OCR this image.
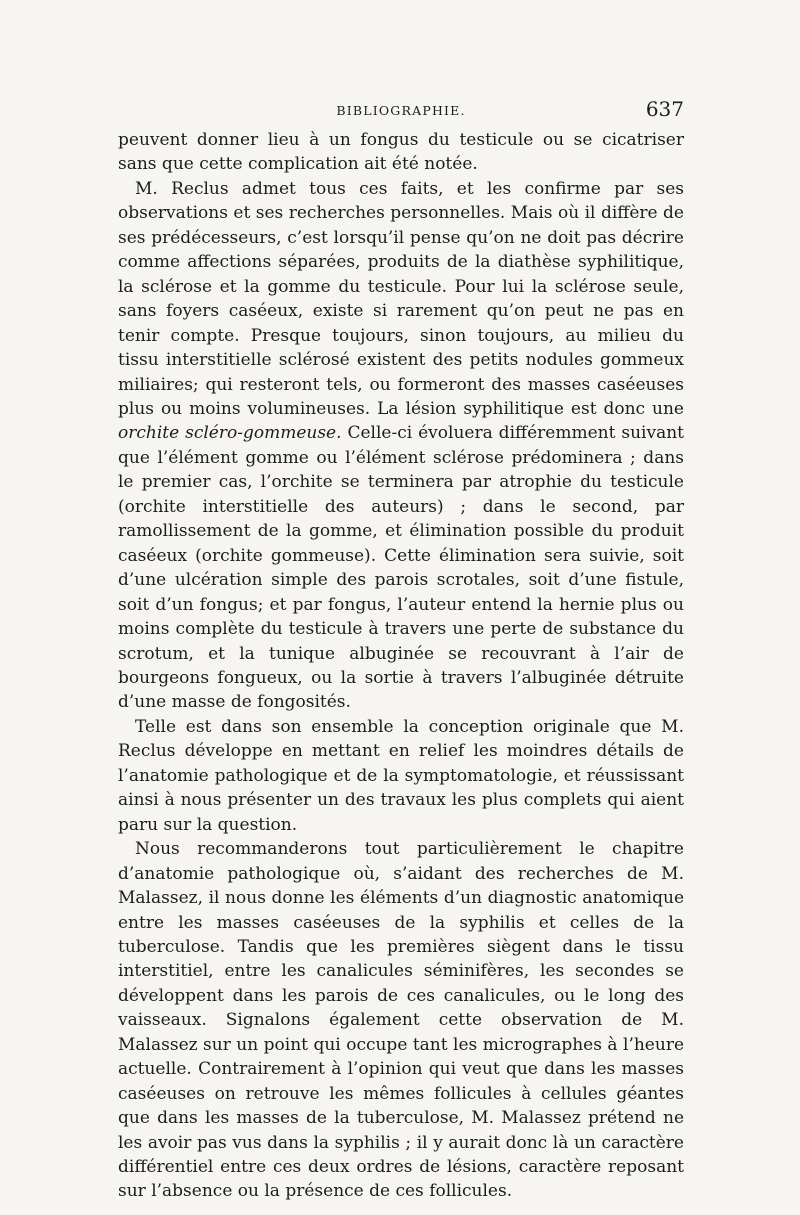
BIBLIOGRAPHIE.	637

peuvent donner lieu à un fongus du testicule ou se cicatriser sans que cette complication ait été notée.

M. Reclus admet tous ces faits, et les confirme par ses observations et ses recherches personnelles. Mais où il diffère de ses prédécesseurs, c’est lorsqu’il pense qu’on ne doit pas décrire comme affections séparées, produits de la diathèse syphilitique, la sclérose et la gomme du testicule. Pour lui la sclérose seule, sans foyers caséeux, existe si rarement qu’on peut ne pas en tenir compte. Presque toujours, sinon toujours, au milieu du tissu interstitielle sclérosé existent des petits nodules gommeux miliaires; qui resteront tels, ou formeront des masses caséeuses plus ou moins volumineuses. La lésion syphilitique est donc une orchite scléro-gommeuse. Celle-ci évoluera différemment suivant que l’élément gomme ou l’élément sclérose prédominera ; dans le premier cas, l’orchite se terminera par atrophie du testicule (orchite interstitielle des auteurs) ; dans le second, par ramollissement de la gomme, et élimination possible du produit caséeux (orchite gommeuse). Cette élimination sera suivie, soit d’une ulcération simple des parois scrotales, soit d’une fistule, soit d’un fongus; et par fongus, l’auteur entend la hernie plus ou moins complète du testicule à travers une perte de substance du scrotum, et la tunique albuginée se recouvrant à l’air de bourgeons fongueux, ou la sortie à travers l’albuginée détruite d’une masse de fongosités.

Telle est dans son ensemble la conception originale que M. Reclus développe en mettant en relief les moindres détails de l’anatomie pathologique et de la symptomatologie, et réussissant ainsi à nous présenter un des travaux les plus complets qui aient paru sur la question.

Nous recommanderons tout particulièrement le chapitre d’anatomie pathologique où, s’aidant des recherches de M. Malassez, il nous donne les éléments d’un diagnostic anatomique entre les masses caséeuses de la syphilis et celles de la tuberculose. Tandis que les premières siègent dans le tissu interstitiel, entre les canalicules séminifères, les secondes se développent dans les parois de ces canalicules, ou le long des vaisseaux. Signalons également cette observation de M. Malassez sur un point qui occupe tant les micrographes à l’heure actuelle. Contrairement à l’opinion qui veut que dans les masses caséeuses on retrouve les mêmes follicules à cellules géantes que dans les masses de la tuberculose, M. Malassez prétend ne les avoir pas vus dans la syphilis ; il y aurait donc là un caractère différentiel entre ces deux ordres de lésions, caractère reposant sur l’absence ou la présence de ces follicules.
